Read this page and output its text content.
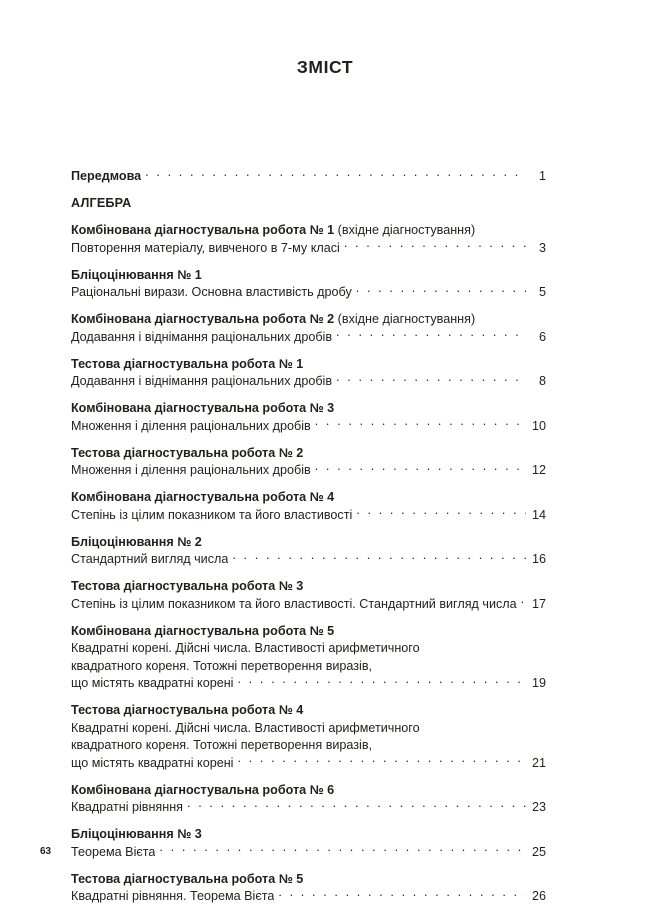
ЗМІСТ
Передмова . . .	1
АЛГЕБРА
Комбінована діагностувальна робота № 1 (вхідне діагностування)
Повторення матеріалу, вивченого в 7-му класі . . .	3
Бліцоцінювання № 1
Раціональні вирази. Основна властивість дробу . . .	5
Комбінована діагностувальна робота № 2 (вхідне діагностування)
Додавання і віднімання раціональних дробів . . .	6
Тестова діагностувальна робота № 1
Додавання і віднімання раціональних дробів . . .	8
Комбінована діагностувальна робота № 3
Множення і ділення раціональних дробів . . .	10
Тестова діагностувальна робота № 2
Множення і ділення раціональних дробів . . .	12
Комбінована діагностувальна робота № 4
Степінь із цілим показником та його властивості . . .	14
Бліцоцінювання № 2
Стандартний вигляд числа . . .	16
Тестова діагностувальна робота № 3
Степінь із цілим показником та його властивості. Стандартний вигляд числа . . . 17
Комбінована діагностувальна робота № 5
Квадратні корені. Дійсні числа. Властивості арифметичного
квадратного кореня. Тотожні перетворення виразів,
що містять квадратні корені . . .	19
Тестова діагностувальна робота № 4
Квадратні корені. Дійсні числа. Властивості арифметичного
квадратного кореня. Тотожні перетворення виразів,
що містять квадратні корені . . .	21
Комбінована діагностувальна робота № 6
Квадратні рівняння . . .	23
Бліцоцінювання № 3
Теорема Вієта . . .	25
Тестова діагностувальна робота № 5
Квадратні рівняння. Теорема Вієта . . .	26
63
